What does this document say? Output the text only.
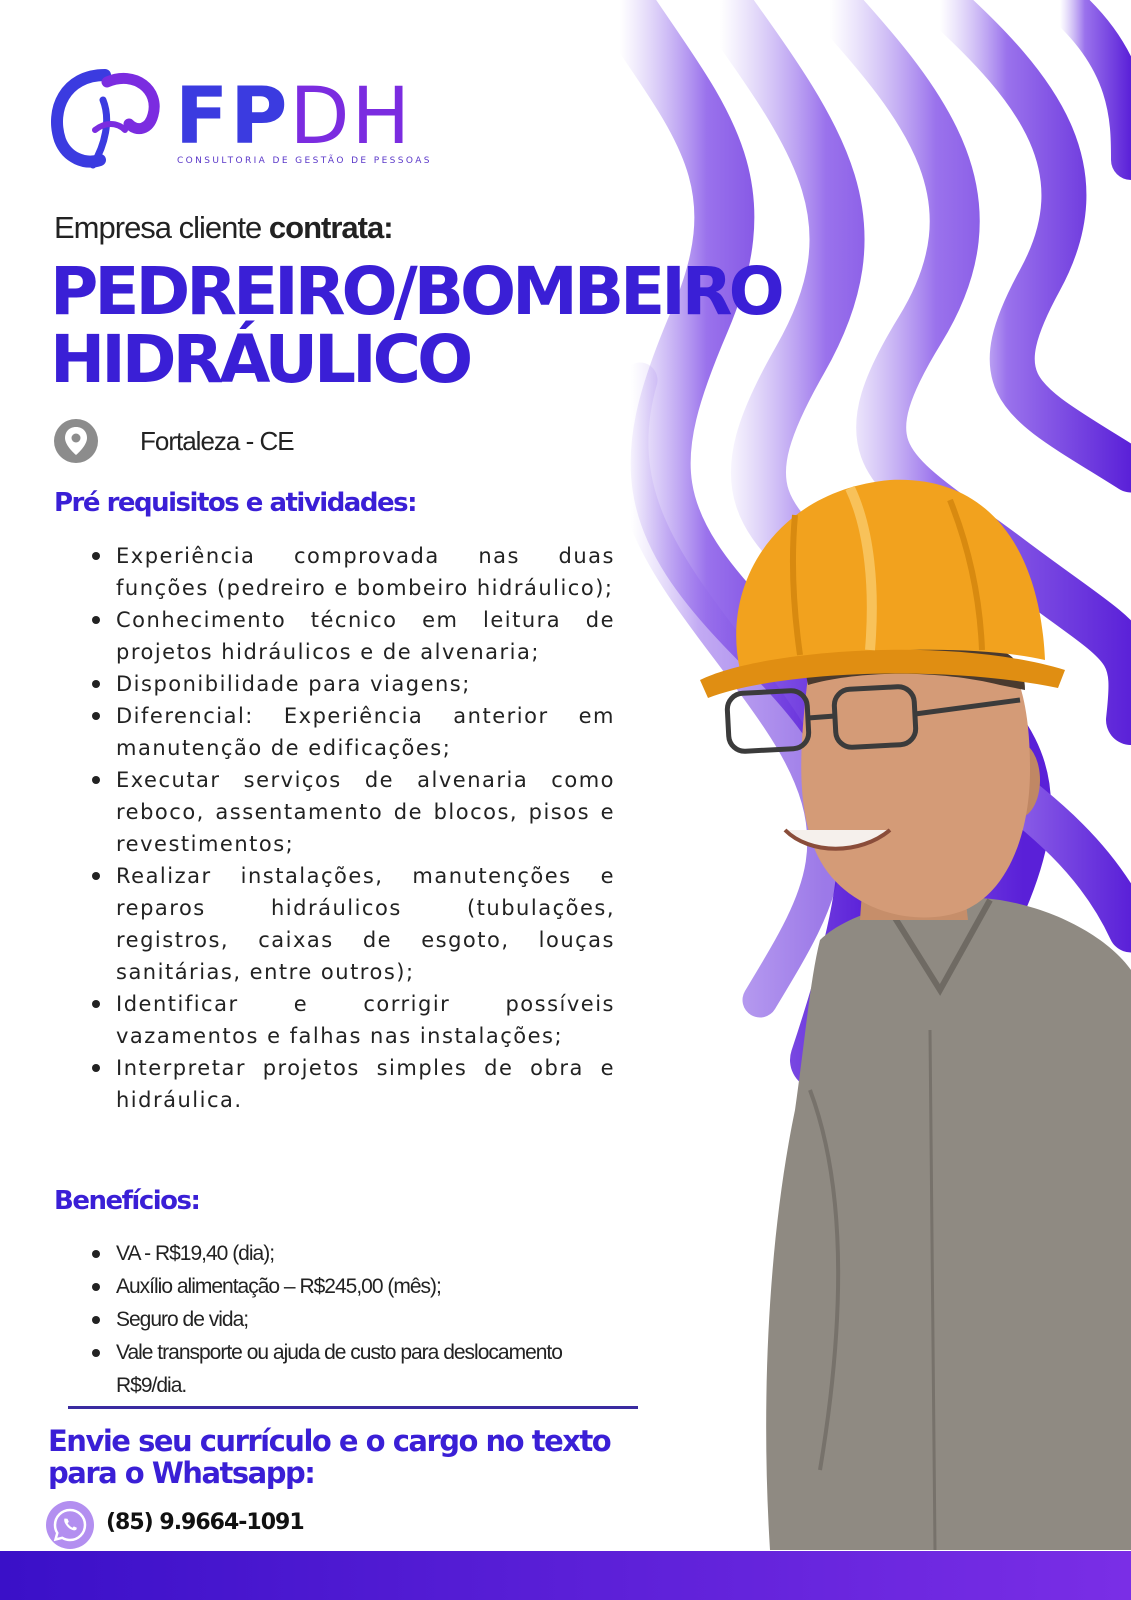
FPDH
CONSULTORIA DE GESTÃO DE PESSOAS
Empresa cliente contrata:
PEDREIRO/BOMBEIRO
HIDRÁULICO
Fortaleza - CE
Pré requisitos e atividades:
Experiência comprovada nas duas funções (pedreiro e bombeiro hidráulico);
Conhecimento técnico em leitura de projetos hidráulicos e de alvenaria;
Disponibilidade para viagens;
Diferencial: Experiência anterior em manutenção de edificações;
Executar serviços de alvenaria como reboco, assentamento de blocos, pisos e revestimentos;
Realizar instalações, manutenções e reparos hidráulicos (tubulações, registros, caixas de esgoto, louças sanitárias, entre outros);
Identificar e corrigir possíveis vazamentos e falhas nas instalações;
Interpretar projetos simples de obra e hidráulica.
Benefícios:
VA - R$19,40 (dia);
Auxílio alimentação – R$245,00 (mês);
Seguro de vida;
Vale transporte ou ajuda de custo para deslocamento R$9/dia.

Envie seu currículo e o cargo no texto para o Whatsapp:

(85) 9.9664-1091
